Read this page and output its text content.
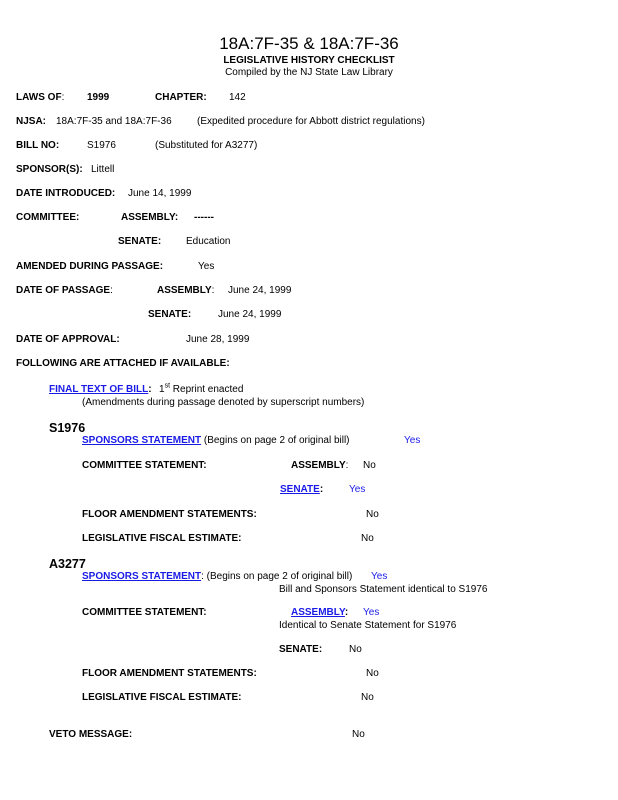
18A:7F-35 & 18A:7F-36
LEGISLATIVE HISTORY CHECKLIST
Compiled by the NJ State Law Library
LAWS OF: 1999	CHAPTER: 142
NJSA: 18A:7F-35 and 18A:7F-36	(Expedited procedure for Abbott district regulations)
BILL NO:	S1976	(Substituted for A3277)
SPONSOR(S): Littell
DATE INTRODUCED: June 14, 1999
COMMITTEE:	ASSEMBLY: ------
SENATE: Education
AMENDED DURING PASSAGE:	Yes
DATE OF PASSAGE:	ASSEMBLY: June 24, 1999
SENATE:	June 24, 1999
DATE OF APPROVAL:	June 28, 1999
FOLLOWING ARE ATTACHED IF AVAILABLE:
FINAL TEXT OF BILL: 1st Reprint enacted
(Amendments during passage denoted by superscript numbers)
S1976
SPONSORS STATEMENT (Begins on page 2 of original bill)	Yes
COMMITTEE STATEMENT:	ASSEMBLY: No
SENATE:	Yes
FLOOR AMENDMENT STATEMENTS:	No
LEGISLATIVE FISCAL ESTIMATE:	No
A3277
SPONSORS STATEMENT: (Begins on page 2 of original bill) Yes
Bill and Sponsors Statement identical to S1976
COMMITTEE STATEMENT:	ASSEMBLY: Yes
Identical to Senate Statement for S1976
SENATE:	No
FLOOR AMENDMENT STATEMENTS:	No
LEGISLATIVE FISCAL ESTIMATE:	No
VETO MESSAGE:	No
